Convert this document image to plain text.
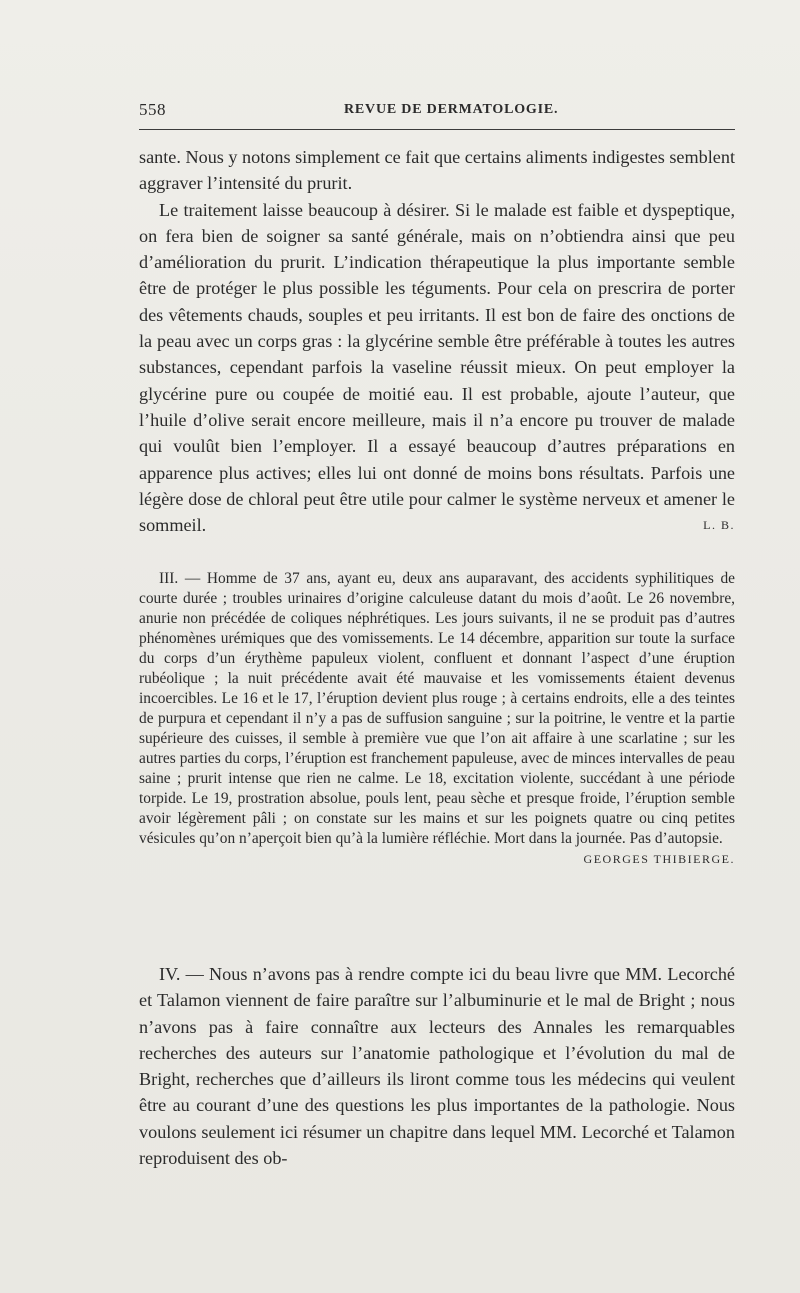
558	REVUE DE DERMATOLOGIE.

sante. Nous y notons simplement ce fait que certains aliments indigestes semblent aggraver l’intensité du prurit.

Le traitement laisse beaucoup à désirer. Si le malade est faible et dyspeptique, on fera bien de soigner sa santé générale, mais on n’obtiendra ainsi que peu d’amélioration du prurit. L’indication thérapeutique la plus importante semble être de protéger le plus possible les téguments. Pour cela on prescrira de porter des vêtements chauds, souples et peu irritants. Il est bon de faire des onctions de la peau avec un corps gras : la glycérine semble être préférable à toutes les autres substances, cependant parfois la vaseline réussit mieux. On peut employer la glycérine pure ou coupée de moitié eau. Il est probable, ajoute l’auteur, que l’huile d’olive serait encore meilleure, mais il n’a encore pu trouver de malade qui voulût bien l’employer. Il a essayé beaucoup d’autres préparations en apparence plus actives; elles lui ont donné de moins bons résultats. Parfois une légère dose de chloral peut être utile pour calmer le système nerveux et amener le sommeil.	L. B.

III. — Homme de 37 ans, ayant eu, deux ans auparavant, des accidents syphilitiques de courte durée ; troubles urinaires d’origine calculeuse datant du mois d’août. Le 26 novembre, anurie non précédée de coliques néphrétiques. Les jours suivants, il ne se produit pas d’autres phénomènes urémiques que des vomissements. Le 14 décembre, apparition sur toute la surface du corps d’un érythème papuleux violent, confluent et donnant l’aspect d’une éruption rubéolique ; la nuit précédente avait été mauvaise et les vomissements étaient devenus incoercibles. Le 16 et le 17, l’éruption devient plus rouge ; à certains endroits, elle a des teintes de purpura et cependant il n’y a pas de suffusion sanguine ; sur la poitrine, le ventre et la partie supérieure des cuisses, il semble à première vue que l’on ait affaire à une scarlatine ; sur les autres parties du corps, l’éruption est franchement papuleuse, avec de minces intervalles de peau saine ; prurit intense que rien ne calme. Le 18, excitation violente, succédant à une période torpide. Le 19, prostration absolue, pouls lent, peau sèche et presque froide, l’éruption semble avoir légèrement pâli ; on constate sur les mains et sur les poignets quatre ou cinq petites vésicules qu’on n’aperçoit bien qu’à la lumière réfléchie. Mort dans la journée. Pas d’autopsie.
GEORGES THIBIERGE.

IV. — Nous n’avons pas à rendre compte ici du beau livre que MM. Lecorché et Talamon viennent de faire paraître sur l’albuminurie et le mal de Bright ; nous n’avons pas à faire connaître aux lecteurs des Annales les remarquables recherches des auteurs sur l’anatomie pathologique et l’évolution du mal de Bright, recherches que d’ailleurs ils liront comme tous les médecins qui veulent être au courant d’une des questions les plus importantes de la pathologie. Nous voulons seulement ici résumer un chapitre dans lequel MM. Lecorché et Talamon reproduisent des ob-
